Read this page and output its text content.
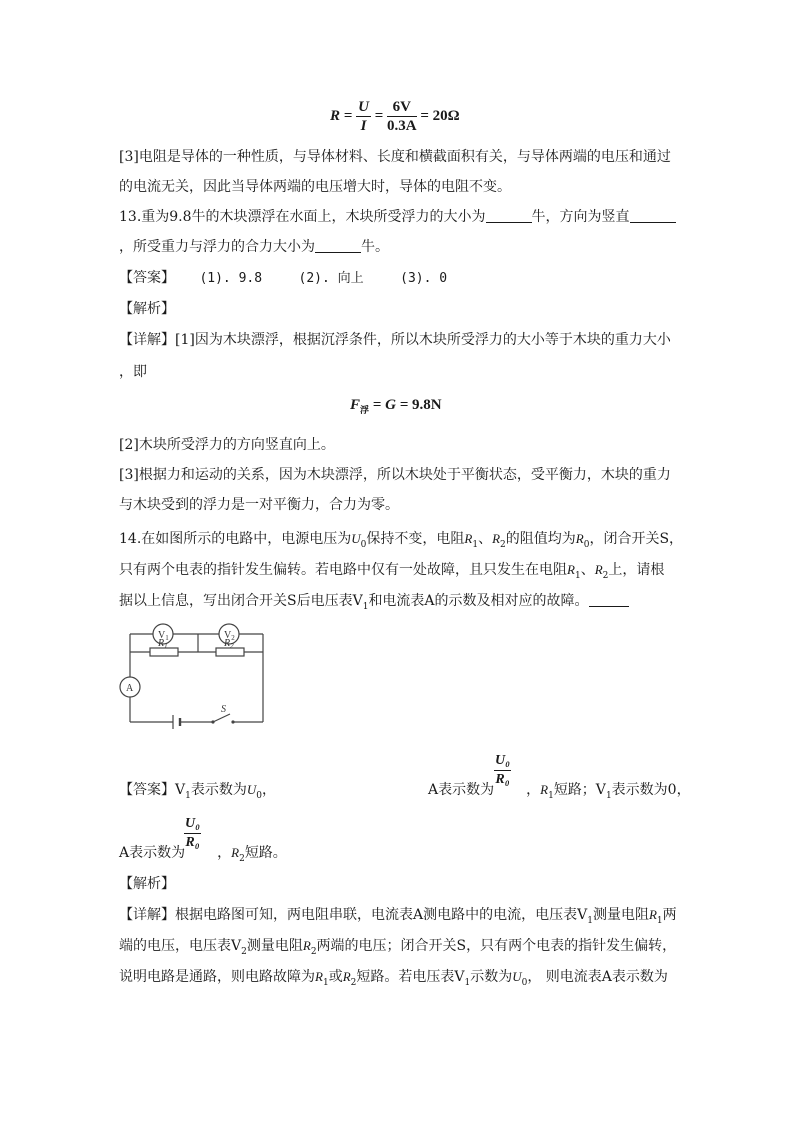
$R = \frac{U}{I} = \frac{6V}{0.3A} = 20\Omega$
[3]电阻是导体的一种性质，与导体材料、长度和横截面积有关，与导体两端的电压和通过
的电流无关，因此当导体两端的电压增大时，导体的电阻不变。
13.重为9.8牛的木块漂浮在水面上，木块所受浮力的大小为	牛，方向为竖直
，所受重力与浮力的合力大小为	牛。
【答案】 (1). 9.8	(2). 向上	(3). 0
【解析】
【详解】[1]因为木块漂浮，根据沉浮条件，所以木块所受浮力的大小等于木块的重力大小
，即
$F_浮 = G = 9.8N$
[2]木块所受浮力的方向竖直向上。
[3]根据力和运动的关系，因为木块漂浮，所以木块处于平衡状态，受平衡力，木块的重力
与木块受到的浮力是一对平衡力，合力为零。
14.在如图所示的电路中，电源电压为$U_0$保持不变，电阻$R_1$、$R_2$的阻值均为$R_0$，闭合开关S，
只有两个电表的指针发生偏转。若电路中仅有一处故障，且只发生在电阻$R_1$、$R_2$上，请根
据以上信息，写出闭合开关S后电压表$V_1$和电流表A的示数及相对应的故障。
$V_1$	$V_2$
$R_1$	$R_2$
A
S
【答案】$V_1$表示数为$U_0$，	A表示数为 ，$R_1$短路；$V_1$表示数为0，
$\frac{\text{U₀}}{\text{R₀}}$
$\frac{\text{U₀}}{\text{R₀}}$
A表示数为 ，$R_2$短路。
【解析】
【详解】根据电路图可知，两电阻串联，电流表A测电路中的电流，电压表$V_1$测量电阻$R_1$两
端的电压，电压表$V_2$测量电阻$R_2$两端的电压；闭合开关S，只有两个电表的指针发生偏转，
说明电路是通路，则电路故障为$R_1$或$R_2$短路。若电压表$V_1$示数为$U_0$， 则电流表A表示数为
